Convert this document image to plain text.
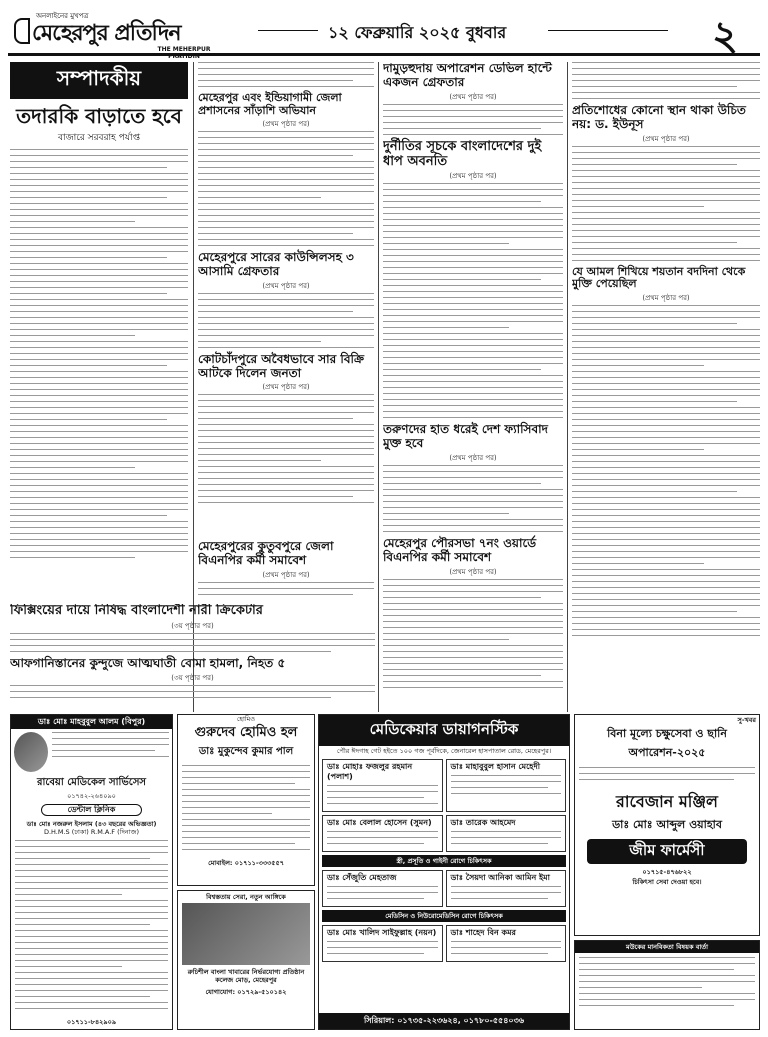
অনলাইনের মুখপত্র
মেহেরপুর প্রতিদিন
THE MEHERPUR PRATIDIN
১২ ফেব্রুয়ারি ২০২৫ বুধবার	২
সম্পাদকীয়
তদারকি বাড়াতে হবে
বাজারে সরবরাহ পর্যাপ্ত
ফিক্সিংয়ের দায়ে নিষিদ্ধ বাংলাদেশী নারী ক্রিকেটার
(৩য় পৃষ্ঠার পর)
আফগানিস্তানের কুন্দুজে আত্মঘাতী বোমা হামলা, নিহত ৫
(৩য় পৃষ্ঠার পর)
মেহেরপুর এবং ইন্ডিয়াগামী জেলা প্রশাসনের সাঁড়াশি অভিযান
(প্রথম পৃষ্ঠার পর)
মেহেরপুরে সারের কাউন্সিলসহ ৩ আসামি গ্রেফতার
(প্রথম পৃষ্ঠার পর)
কোটচাঁদপুরে অবৈধভাবে সার বিক্রি আটকে দিলেন জনতা
(প্রথম পৃষ্ঠার পর)
মেহেরপুরের কুতুবপুরে জেলা বিএনপির কর্মী সমাবেশ
(প্রথম পৃষ্ঠার পর)
দামুড়হুদায় অপারেশন ডেভিল হান্টে একজন গ্রেফতার
(প্রথম পৃষ্ঠার পর)
দুর্নীতির সূচকে বাংলাদেশের দুই ধাপ অবনতি
(প্রথম পৃষ্ঠার পর)
তরুণদের হাত ধরেই দেশ ফ্যাসিবাদ মুক্ত হবে
(প্রথম পৃষ্ঠার পর)
মেহেরপুর পৌরসভা ৭নং ওয়ার্ডে বিএনপির কর্মী সমাবেশ
(প্রথম পৃষ্ঠার পর)
প্রতিশোধের কোনো স্থান থাকা উচিত নয়: ড. ইউনূস
(প্রথম পৃষ্ঠার পর)
যে আমল শিখিয়ে শয়তান বদদিনা থেকে মুক্তি পেয়েছিল
(প্রথম পৃষ্ঠার পর)
ডাঃ মোঃ মাহবুবুল আলম (বিপুর)
রাবেয়া মেডিকেল সার্ভিসেস
০১৭৪২-২৬৪০৯০
ডেন্টাল ক্লিনিক
ডাঃ মোঃ নজরুল ইসলাম (৪৩ বছরের অভিজ্ঞতা)
D.H.M.S (ঢাকা) R.M.A.F (দিনাজ)
০১৭১১-৮৪২৯০৯
হোমিও
গুরুদেব হোমিও হল
ডাঃ মুকুন্দেব কুমার পাল
মোবাইল: ০১৭১১-৩৩৩৫৫৭
বিশ্বস্ততায় সেরা, নতুন আঙ্গিকে
রুচিশীল বাংলা খাবারের নির্ভরযোগ্য প্রতিষ্ঠান
কলেজ মোড়, মেহেরপুর
যোগাযোগ: ০১৭২৯-৫১০১৪২
মেডিকেয়ার ডায়াগনস্টিক
পৌর ঈদগাহ গেট হইতে ১০০ গজ পূর্বদিকে, জেনারেল হাসপাতাল রোড, মেহেরপুর।
ডাঃ মোহাঃ ফজলুর রহমান (পলাশ)
ডাঃ মাহাবুবুল হাসান মেহেদী
ডাঃ মোঃ বেলাল হোসেন (সুমন)	ডাঃ তারেক আহমেদ
স্ত্রী, প্রসূতি ও গাইনী রোগে চিকিৎসক
ডাঃ সেঁজুতি মেহতাজ	ডাঃ সৈয়দা আনিকা আমিন ইমা
মেডিসিন ও নিউরোমেডিসিন রোগে চিকিৎসক
ডাঃ মোঃ খালিদ সাইফুল্লাহ (নয়ন) ডাঃ শাহেদ বিন কমর
সিরিয়াল: ০১৭৩৫-২২৩৬২৪, ০১৭৮০-৫৫৪০৩৬
সু-খবর
বিনা মূল্যে চক্ষুসেবা ও ছানি অপারেশন-২০২৫
রাবেজান মঞ্জিল
ডাঃ মোঃ আব্দুল ওয়াহাব
জীম ফার্মেসী
০১৭১৫-৪৭৬৮২২
চিকিৎসা সেবা দেওয়া হবে।
মউকের মানবিকতা বিষয়ক বার্তা
